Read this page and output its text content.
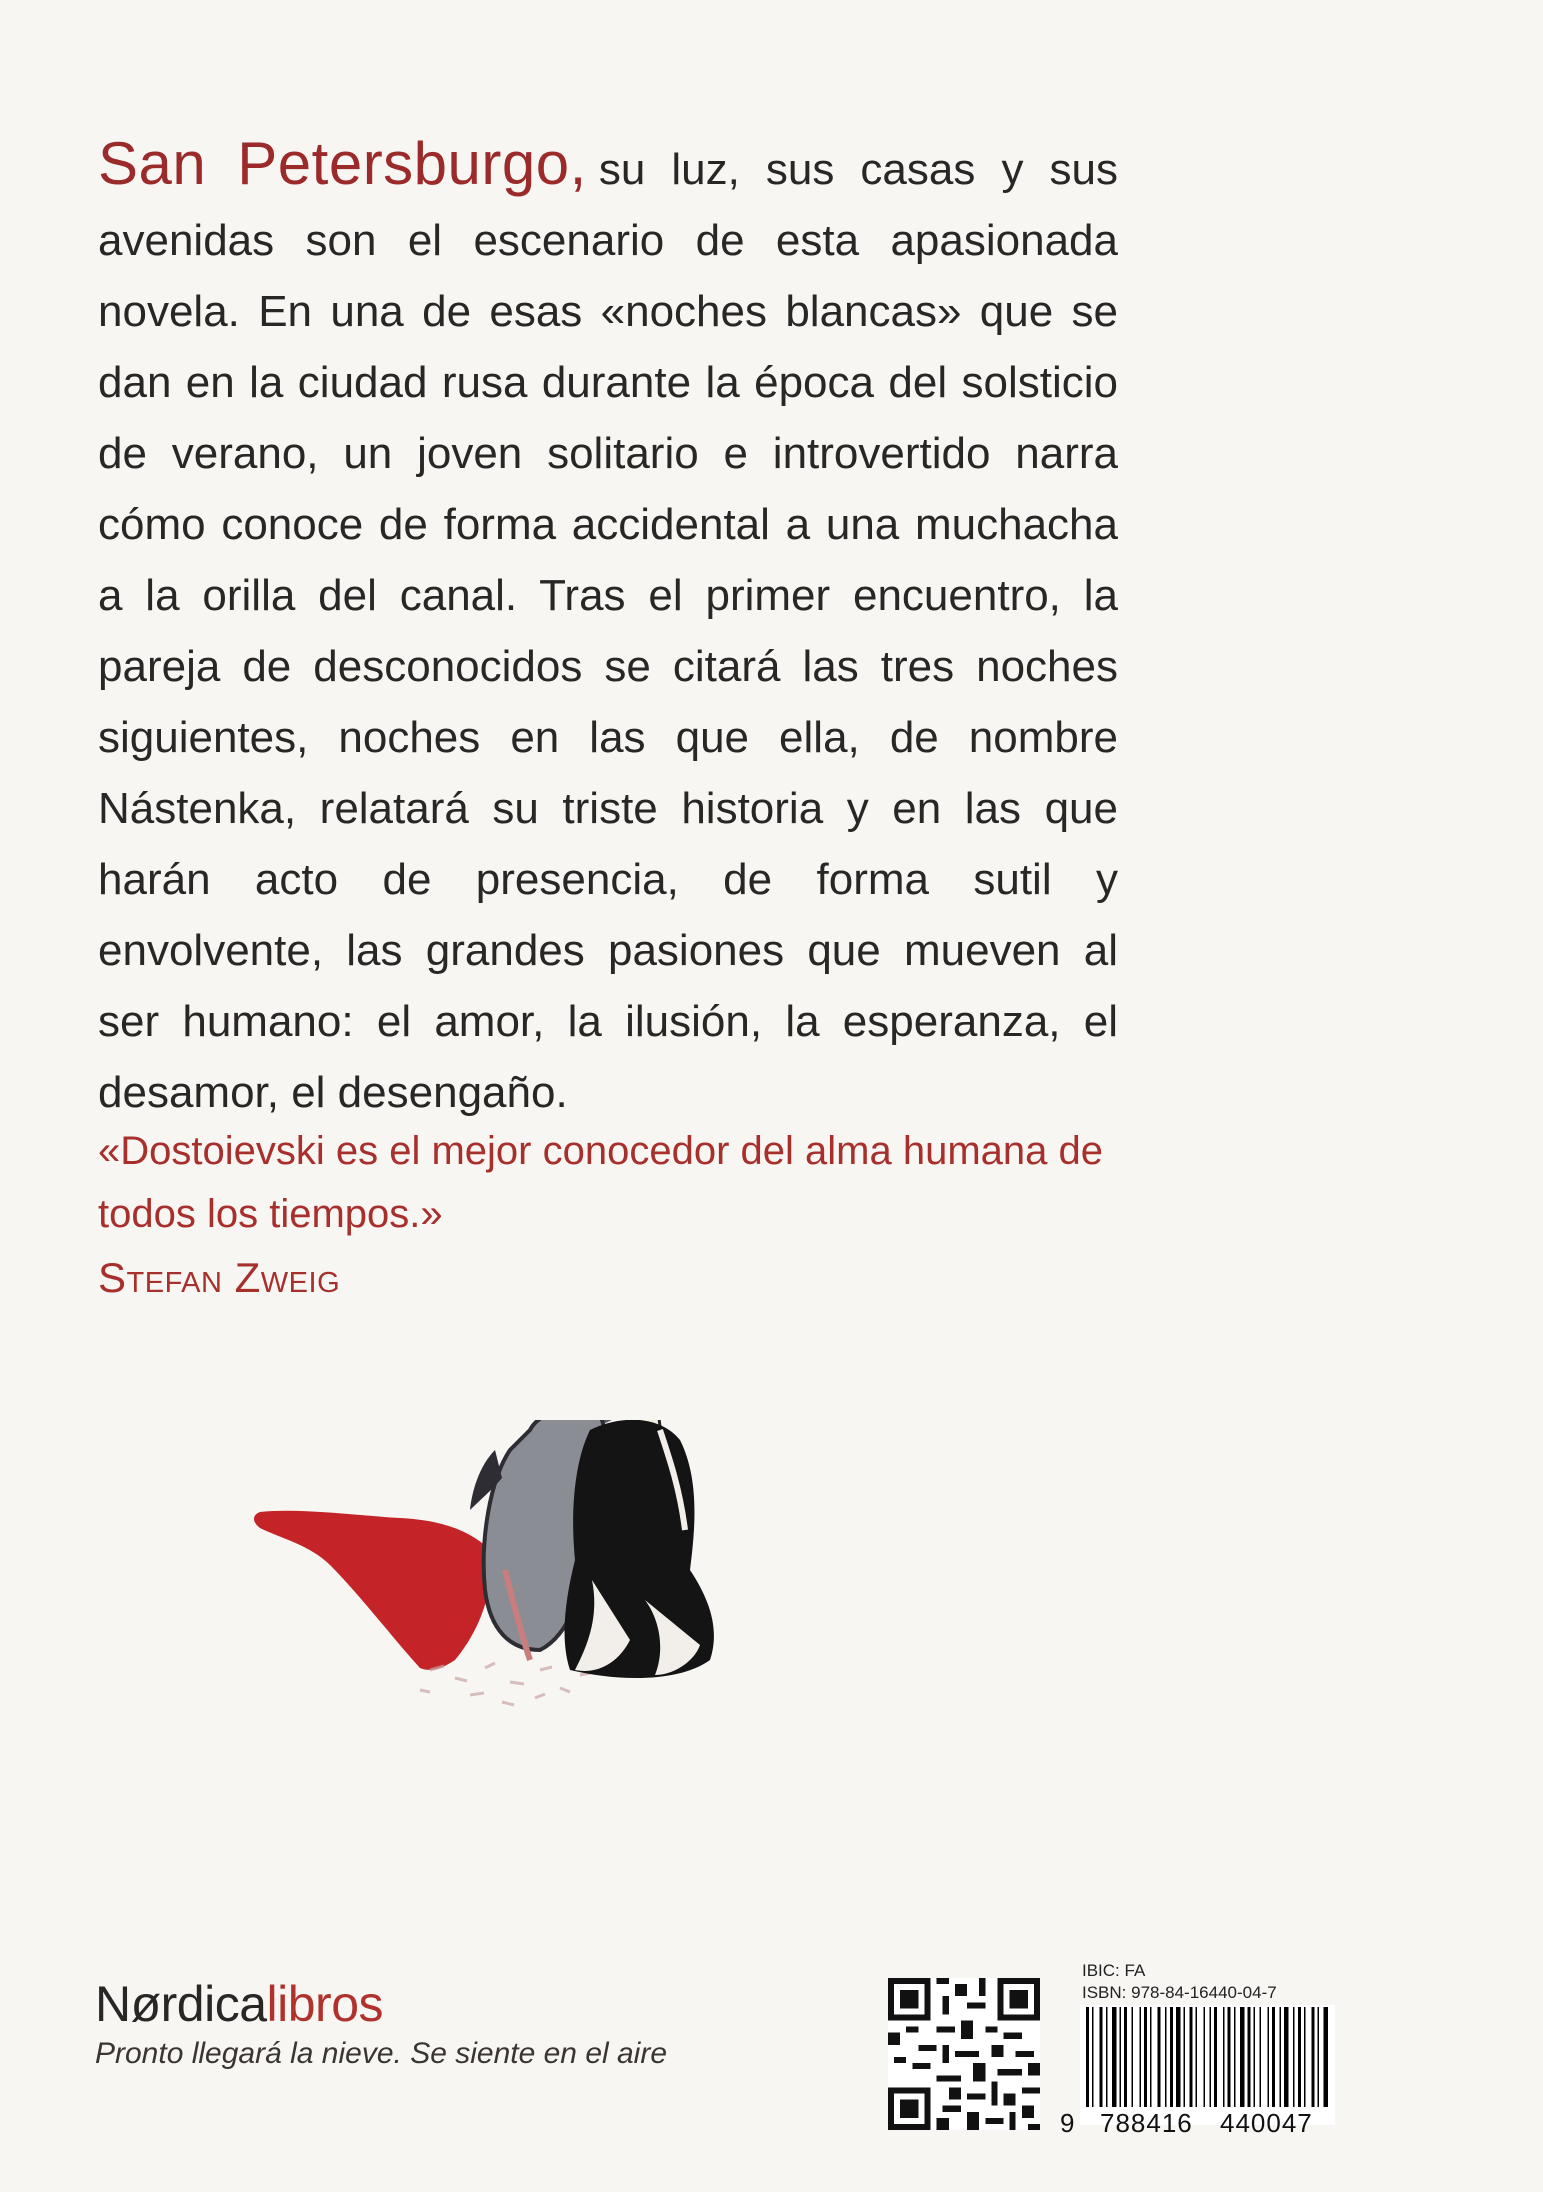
San Petersburgo, su luz, sus casas y sus avenidas son el escenario de esta apasionada novela. En una de esas «noches blancas» que se dan en la ciudad rusa durante la época del solsticio de verano, un joven solitario e introvertido narra cómo conoce de forma accidental a una muchacha a la orilla del canal. Tras el primer encuentro, la pareja de desconocidos se citará las tres noches siguientes, noches en las que ella, de nombre Nástenka, relatará su triste historia y en las que harán acto de presencia, de forma sutil y envolvente, las grandes pasiones que mueven al ser humano: el amor, la ilusión, la esperanza, el desamor, el desengaño.
«Dostoievski es el mejor conocedor del alma humana de todos los tiempos.»
Stefan Zweig
Nørdicalibros
Pronto llegará la nieve. Se siente en el aire
IBIC: FA
ISBN: 978-84-16440-04-7
9 788416 440047
